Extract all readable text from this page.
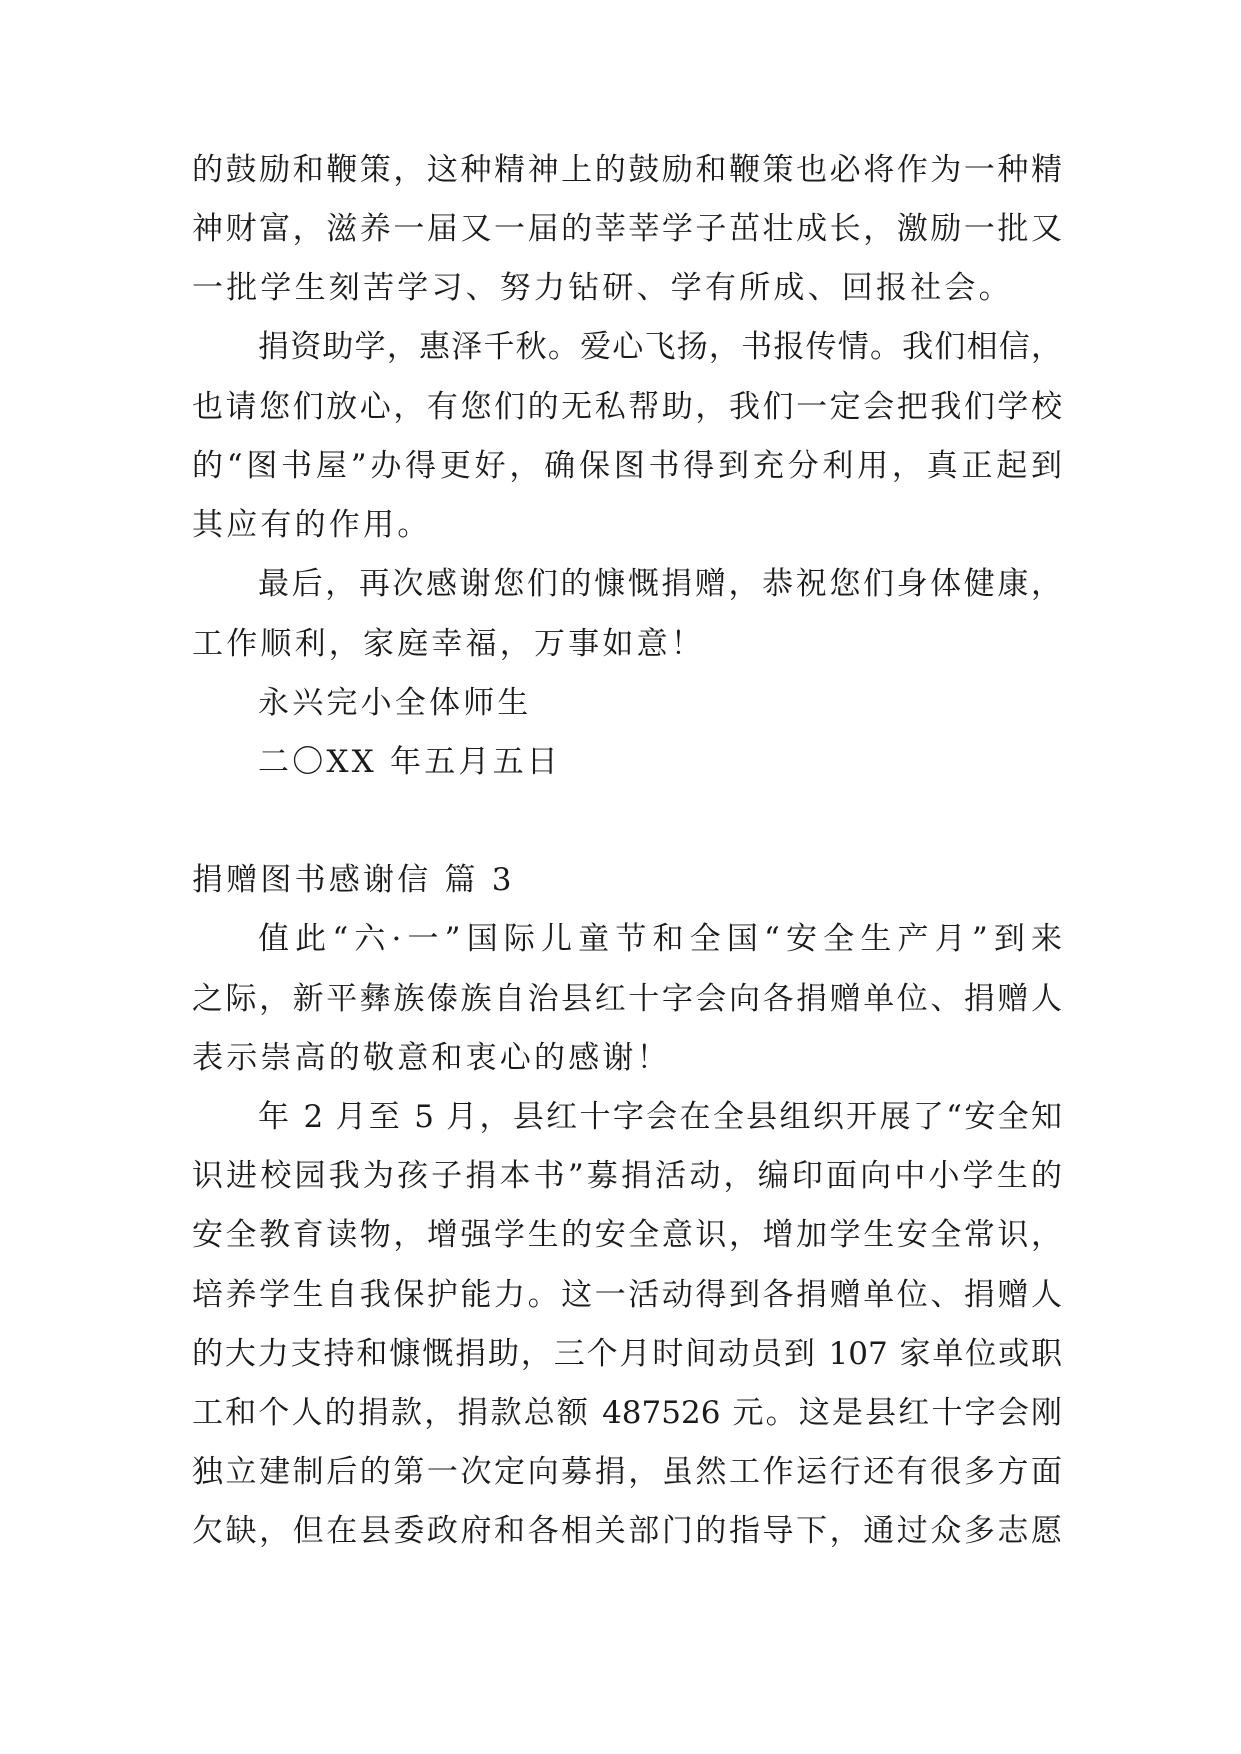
的鼓励和鞭策，这种精神上的鼓励和鞭策也必将作为一种精
神财富，滋养一届又一届的莘莘学子茁壮成长，激励一批又
一批学生刻苦学习、努力钻研、学有所成、回报社会。
捐资助学，惠泽千秋。爱心飞扬，书报传情。我们相信，
也请您们放心，有您们的无私帮助，我们一定会把我们学校
的“图书屋”办得更好，确保图书得到充分利用，真正起到
其应有的作用。
最后，再次感谢您们的慷慨捐赠，恭祝您们身体健康，
工作顺利，家庭幸福，万事如意！
永兴完小全体师生
二〇XX 年五月五日
捐赠图书感谢信 篇 3
值此“六·一”国际儿童节和全国“安全生产月”到来
之际，新平彝族傣族自治县红十字会向各捐赠单位、捐赠人
表示崇高的敬意和衷心的感谢！
年 2 月至 5 月，县红十字会在全县组织开展了“安全知
识进校园我为孩子捐本书”募捐活动，编印面向中小学生的
安全教育读物，增强学生的安全意识，增加学生安全常识，
培养学生自我保护能力。这一活动得到各捐赠单位、捐赠人
的大力支持和慷慨捐助，三个月时间动员到 107 家单位或职
工和个人的捐款，捐款总额 487526 元。这是县红十字会刚
独立建制后的第一次定向募捐，虽然工作运行还有很多方面
欠缺，但在县委政府和各相关部门的指导下，通过众多志愿
